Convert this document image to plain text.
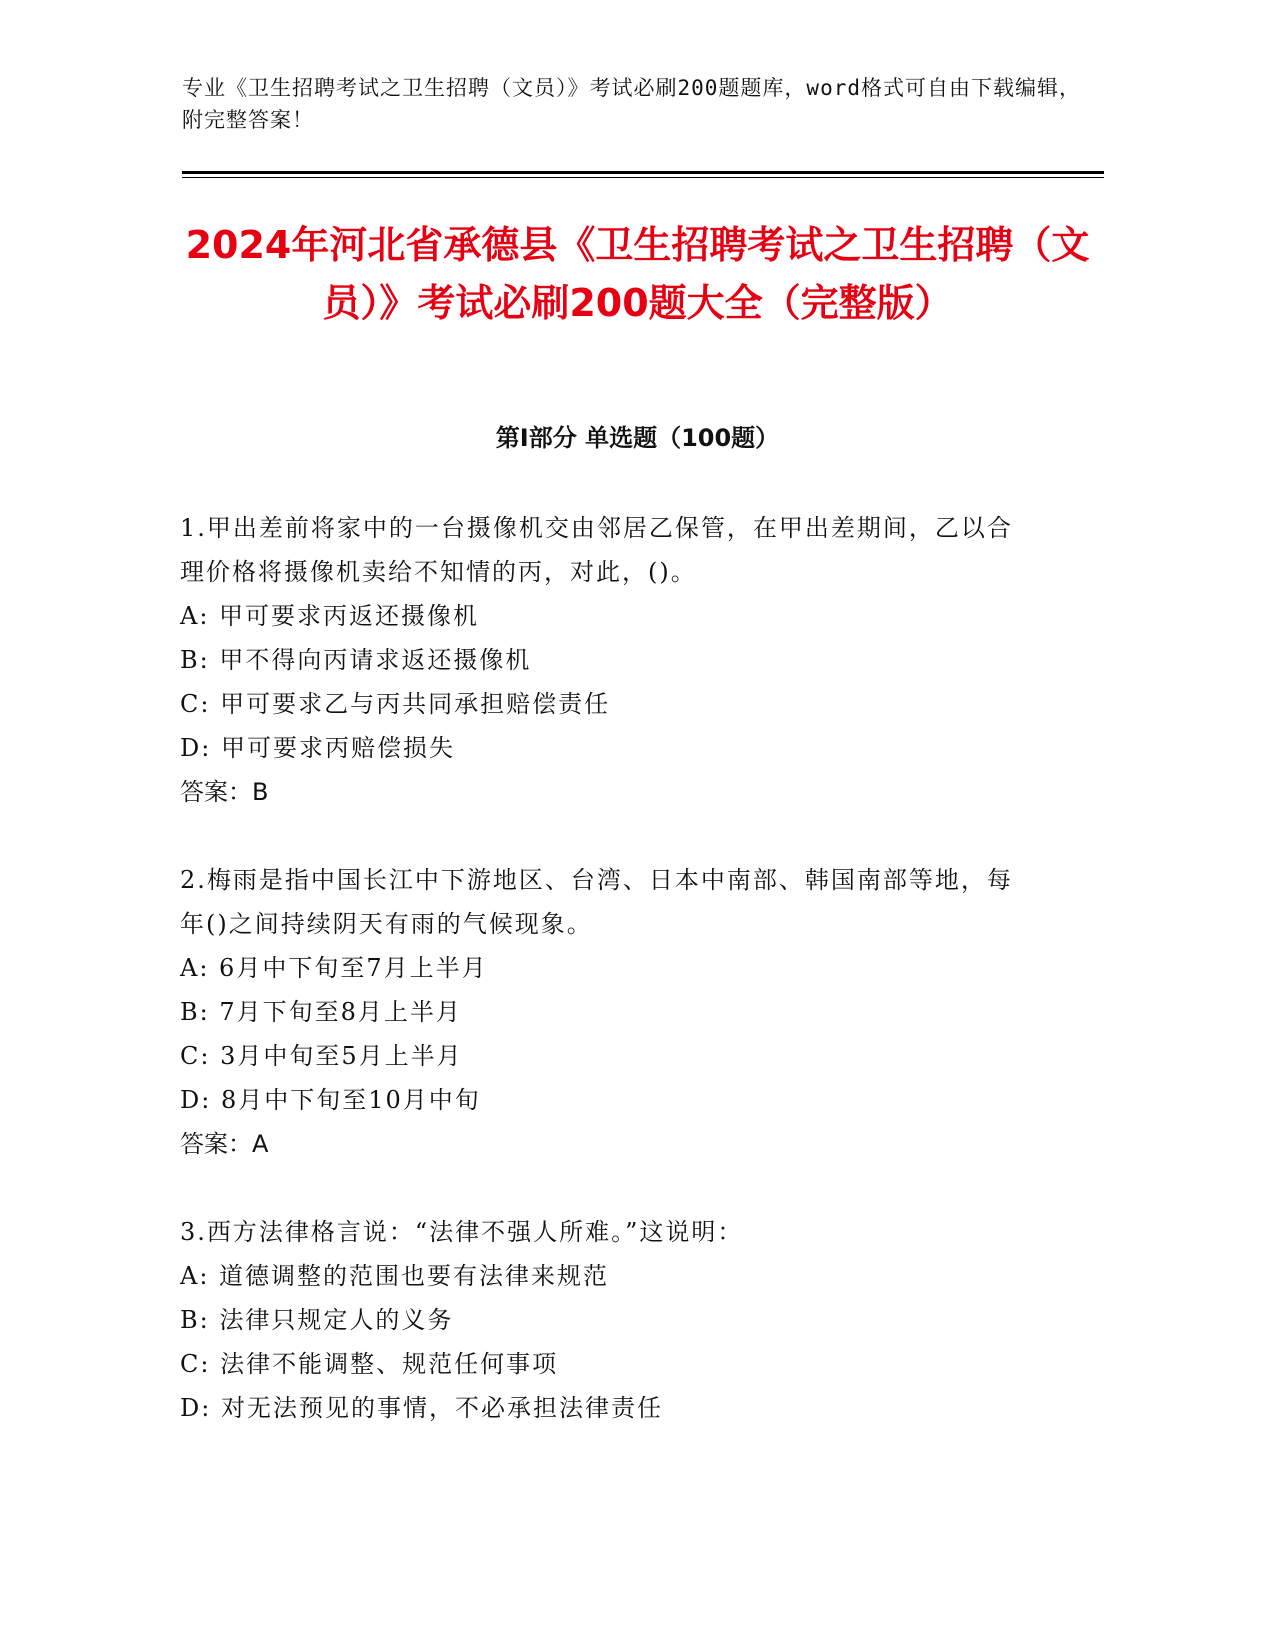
专业《卫生招聘考试之卫生招聘（文员）》考试必刷200题题库，word格式可自由下载编辑，附完整答案！
2024年河北省承德县《卫生招聘考试之卫生招聘（文员）》考试必刷200题大全（完整版）
第Ⅰ部分 单选题（100题）

1.甲出差前将家中的一台摄像机交由邻居乙保管，在甲出差期间，乙以合理价格将摄像机卖给不知情的丙，对此，()。

A: 甲可要求丙返还摄像机

B: 甲不得向丙请求返还摄像机

C: 甲可要求乙与丙共同承担赔偿责任

D: 甲可要求丙赔偿损失

答案：B

2.梅雨是指中国长江中下游地区、台湾、日本中南部、韩国南部等地，每年()之间持续阴天有雨的气候现象。

A: 6月中下旬至7月上半月

B: 7月下旬至8月上半月

C: 3月中旬至5月上半月

D: 8月中下旬至10月中旬

答案：A

3.西方法律格言说：“法律不强人所难。”这说明：

A: 道德调整的范围也要有法律来规范

B: 法律只规定人的义务

C: 法律不能调整、规范任何事项

D: 对无法预见的事情，不必承担法律责任
